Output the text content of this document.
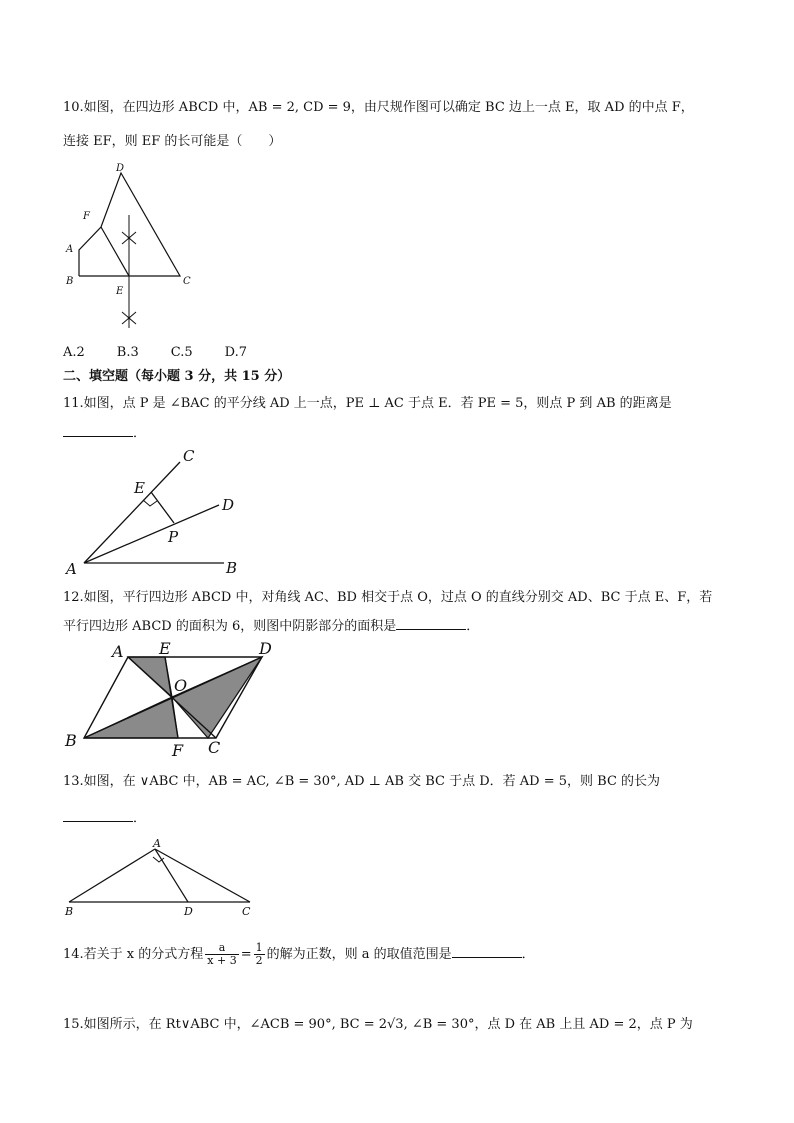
10.如图，在四边形 ABCD 中，AB = 2, CD = 9，由尺规作图可以确定 BC 边上一点 E，取 AD 的中点 F，
连接 EF，则 EF 的长可能是（　　）
D
F
A
B
E
C
A.2 B.3 C.5 D.7
二、填空题（每小题 3 分，共 15 分）
11.如图，点 P 是 ∠BAC 的平分线 AD 上一点，PE ⊥ AC 于点 E．若 PE = 5，则点 P 到 AB 的距离是
．
C
E
D
P
A	B
12.如图，平行四边形 ABCD 中，对角线 AC、BD 相交于点 O，过点 O 的直线分别交 AD、BC 于点 E、F，若
平行四边形 ABCD 的面积为 6，则图中阴影部分的面积是	．
A E	D
O
B
F C
13.如图，在 ∨ABC 中，AB = AC, ∠B = 30°, AD ⊥ AB 交 BC 于点 D．若 AD = 5，则 BC 的长为
．
A
B	D	C
14.若关于 x 的分式方程 $\frac{a}{x + 3} = \frac{1}{2}$ 的解为正数，则 a 的取值范围是	．
15.如图所示，在 Rt∨ABC 中，∠ACB = 90°, BC = 2√3, ∠B = 30°，点 D 在 AB 上且 AD = 2，点 P 为
